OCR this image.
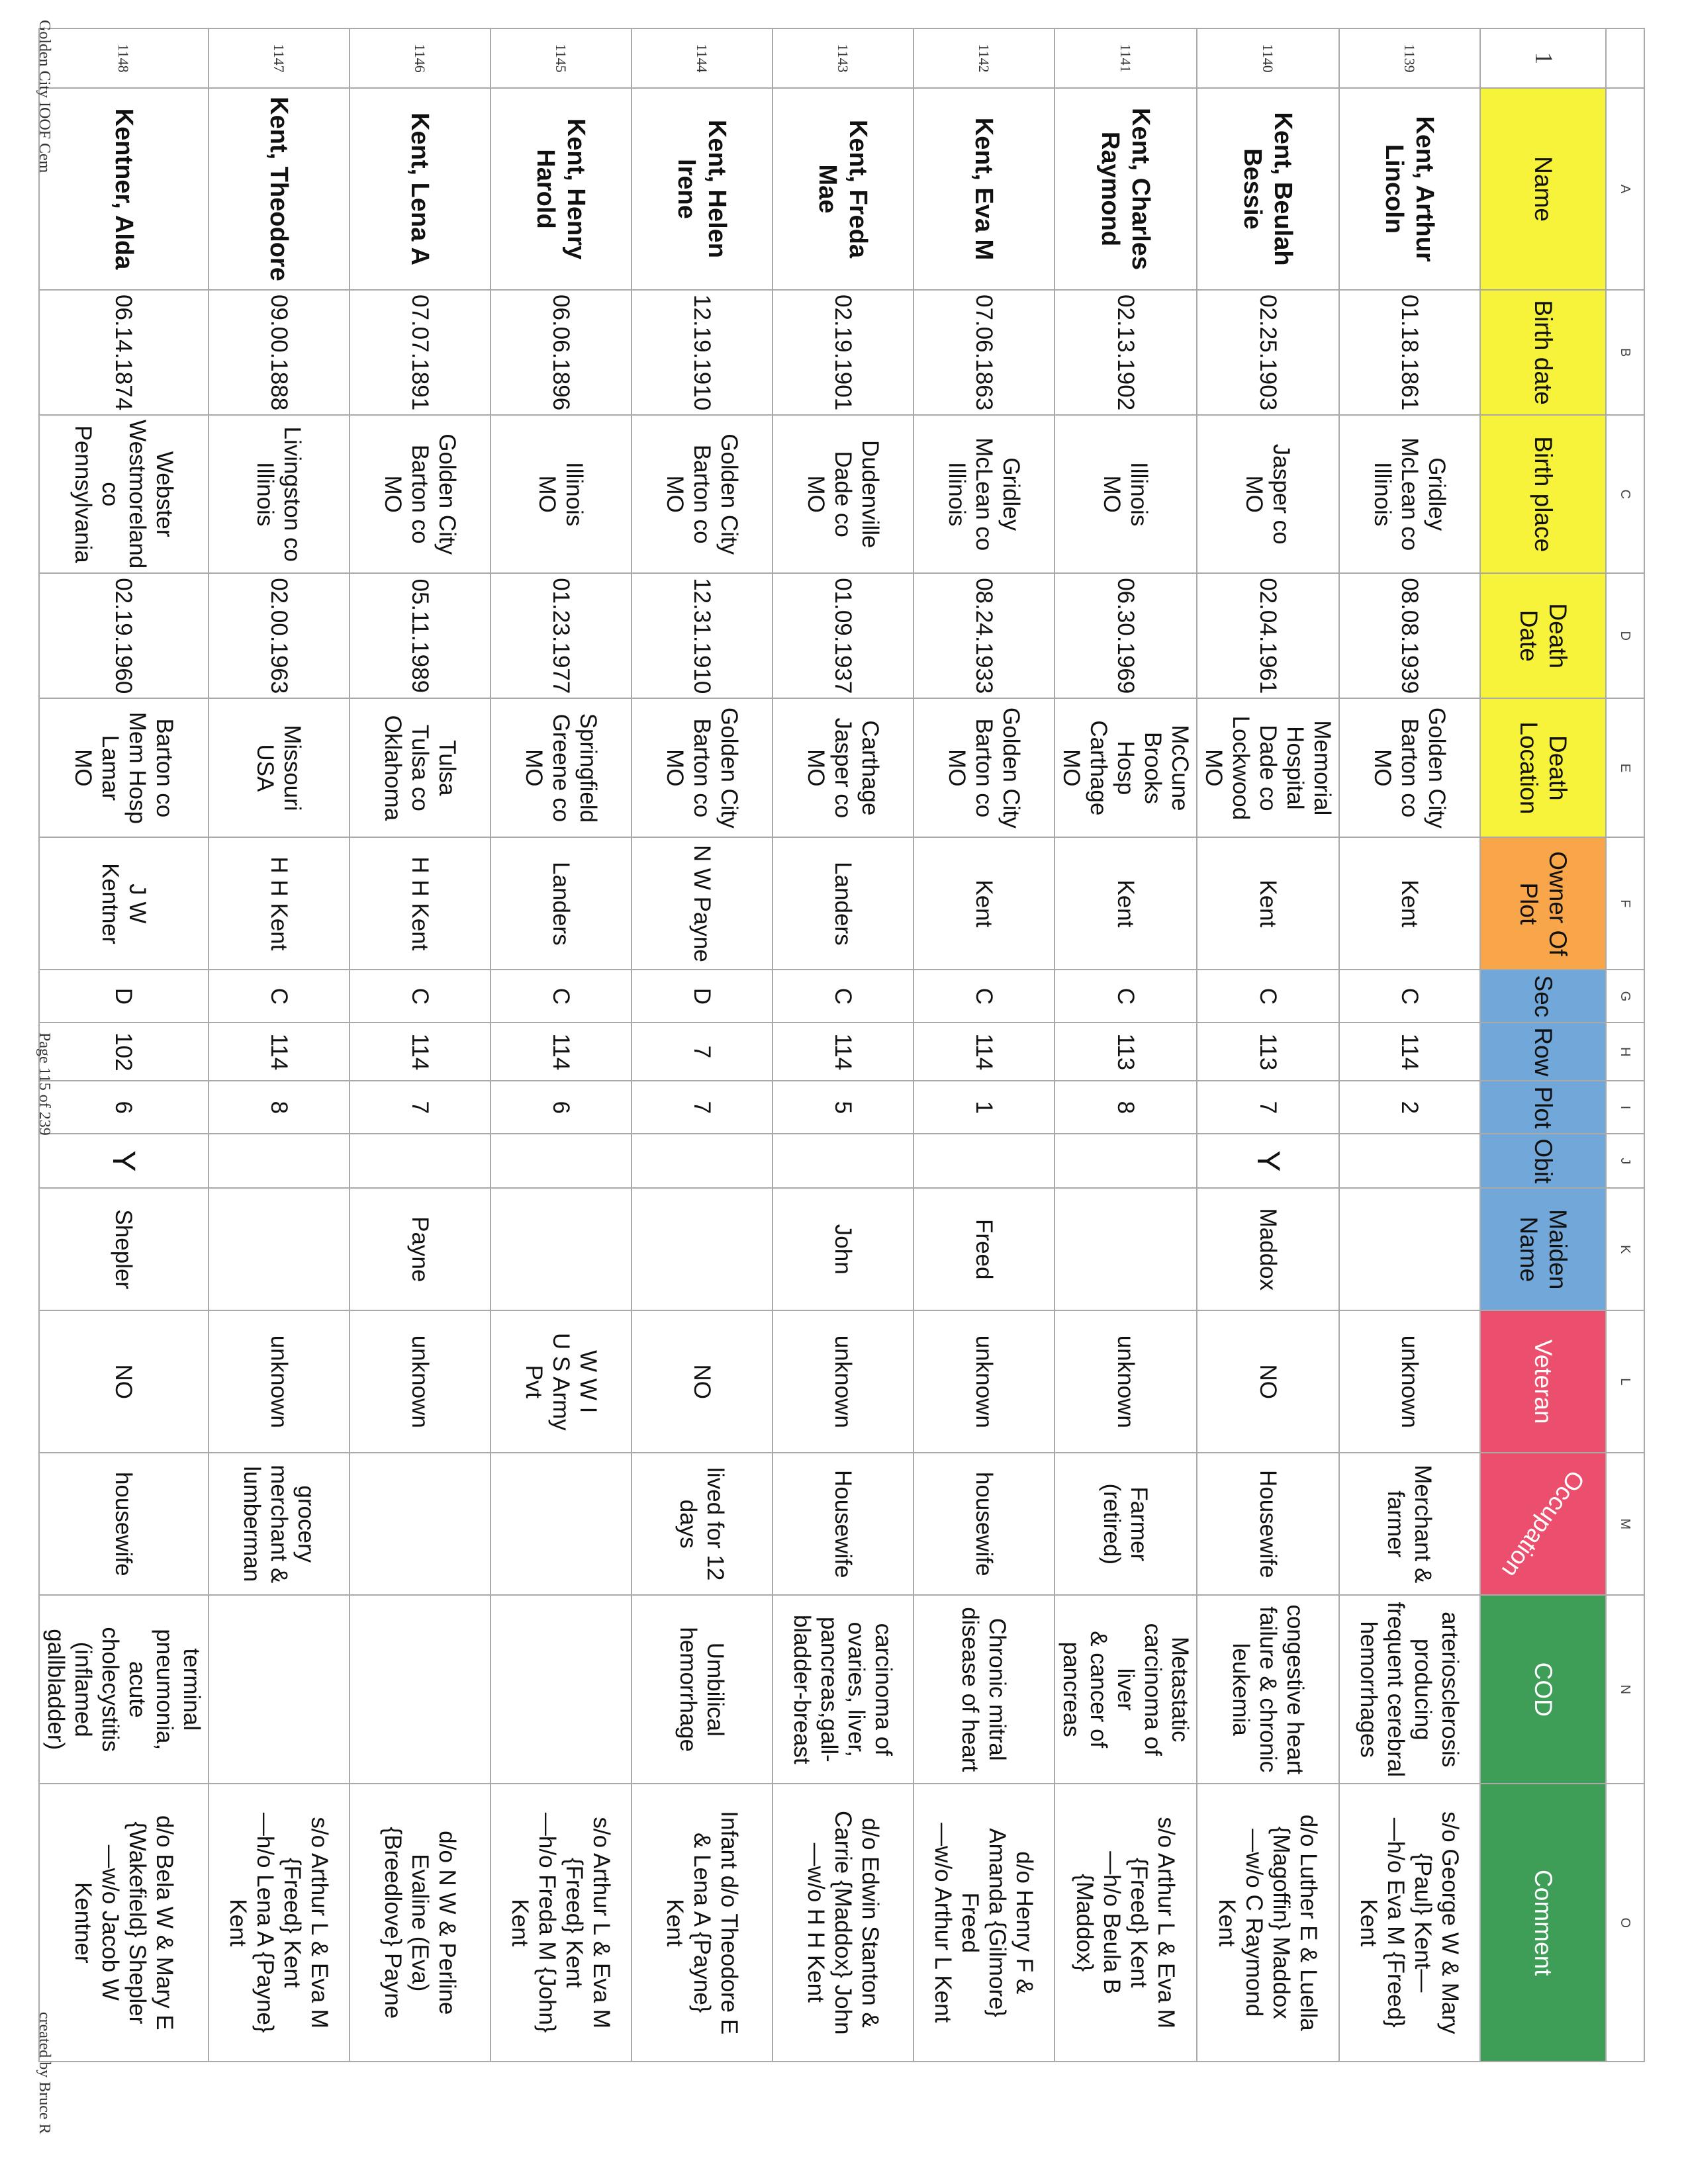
	A	B	C	D	E	F	G	H	I	J	K	L	M	N	O
1	Name	Birth date	Birth place	Death Date	Death Location	Owner Of Plot	Sec	Row	Plot	Obit	Maiden Name	Veteran	Occupation	COD	Comment
1139	Kent, Arthur Lincoln	01.18.1861	Gridley
McLean co
Illinois	08.08.1939	Golden City
Barton co
MO	Kent	C	114	2			unknown	Merchant &
farmer	arteriosclerosis
producing
frequent cerebral
hemorrhages	s/o George W & Mary
{Paul} Kent—
—h/o Eva M {Freed}
Kent
1140	Kent, Beulah Bessie	02.25.1903	Jasper co
MO	02.04.1961	Memorial
Hospital
Dade co
Lockwood
MO	Kent	C	113	7	Y	Maddox	NO	Housewife	congestive heart
failure & chronic
leukemia	d/o Luther E & Luella
{Magoffin} Maddox
—w/o C Raymond
Kent
1141	Kent, Charles Raymond	02.13.1902	Illinois
MO	06.30.1969	McCune
Brooks Hosp
Carthage
MO	Kent	C	113	8			unknown	Farmer
(retired)	Metastatic
carcinoma of liver
& cancer of
pancreas	s/o Arthur L & Eva M
{Freed} Kent
—h/o Beula B
{Maddox}
1142	Kent, Eva M	07.06.1863	Gridley
McLean co
Illinois	08.24.1933	Golden City
Barton co
MO	Kent	C	114	1		Freed	unknown	housewife	Chronic mitral
disease of heart	d/o Henry F &
Amanda {Gilmore}
Freed
—w/o Arthur L Kent
1143	Kent, Freda Mae	02.19.1901	Dudenville
Dade co
MO	01.09.1937	Carthage
Jasper co
MO	Landers	C	114	5		John	unknown	Housewife	carcinoma of
ovaries, liver,
pancreas,gall-
bladder-breast	d/o Edwin Stanton &
Carrie {Maddox} John
—w/o H H Kent
1144	Kent, Helen Irene	12.19.1910	Golden City
Barton co
MO	12.31.1910	Golden City
Barton co
MO	N W Payne	D	7	7			NO	lived for 12
days	Umbilical
hemorrhage	Infant d/o Theodore E
& Lena A {Payne}
Kent
1145	Kent, Henry Harold	06.06.1896	Illinois
MO	01.23.1977	Springfield
Greene co
MO	Landers	C	114	6			W W I
U S Army
Pvt			s/o Arthur L & Eva M
{Freed} Kent
—h/o Freda M {John}
Kent
1146	Kent, Lena A	07.07.1891	Golden City
Barton co
MO	05.11.1989	Tulsa
Tulsa co
Oklahoma	H H Kent	C	114	7		Payne	unknown			d/o N W & Perline
Evaline (Eva)
{Breedlove} Payne
1147	Kent, Theodore	09.00.1888	Livingston co
Illinois	02.00.1963	Missouri
USA	H H Kent	C	114	8			unknown	grocery
merchant &
lumberman		s/o Arthur L & Eva M
{Freed} Kent
—h/o Lena A {Payne}
Kent
1148	Kentner, Alda	06.14.1874	Webster
Westmoreland
co
Pennsylvania	02.19.1960	Barton co
Mem Hosp
Lamar
MO	J W Kentner	D	102	6	Y	Shepler	NO	housewife	terminal
pneumonia, acute
cholecystitis
(inflamed
gallbladder)	d/o Bela W & Mary E
{Wakefield} Shepler
—w/o Jacob W
Kentner
Golden City IOOF Cem
Page 115 of 239
created by Bruce R
